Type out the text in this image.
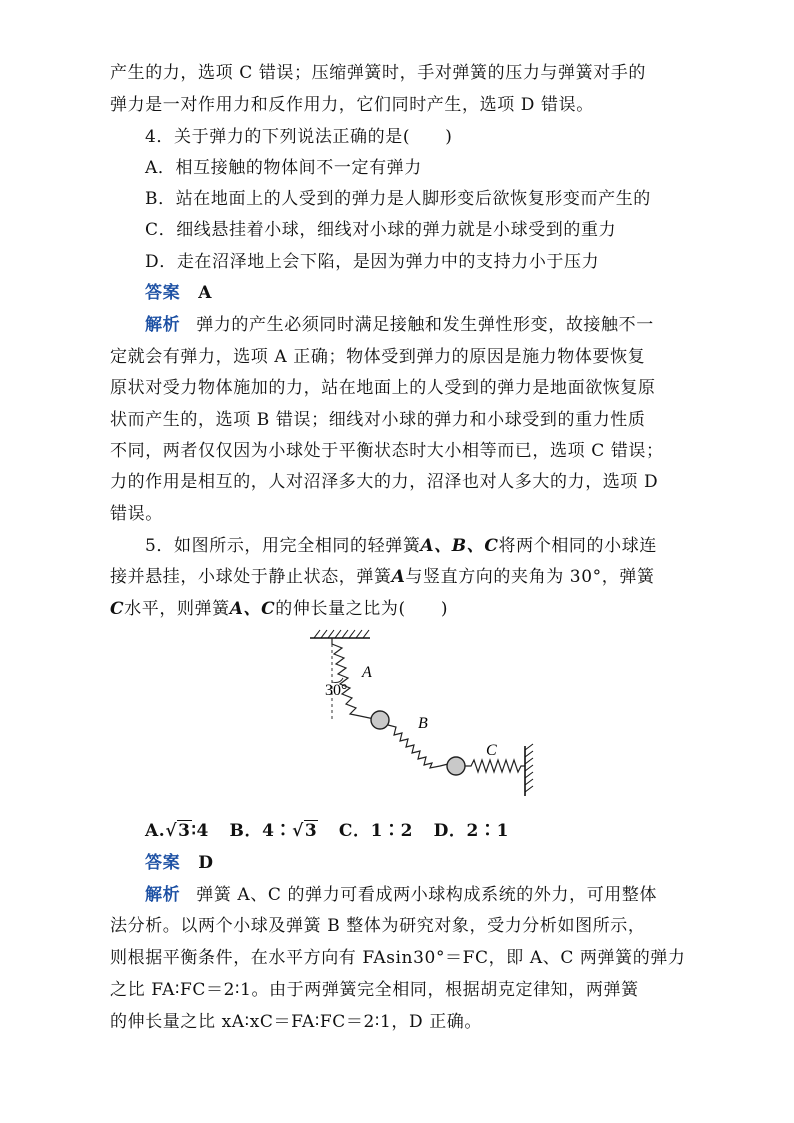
产生的力，选项 C 错误；压缩弹簧时，手对弹簧的压力与弹簧对手的
弹力是一对作用力和反作用力，它们同时产生，选项 D 错误。
4．关于弹力的下列说法正确的是(　　)
A．相互接触的物体间不一定有弹力
B．站在地面上的人受到的弹力是人脚形变后欲恢复形变而产生的
C．细线悬挂着小球，细线对小球的弹力就是小球受到的重力
D．走在沼泽地上会下陷，是因为弹力中的支持力小于压力
答案 A
解析 弹力的产生必须同时满足接触和发生弹性形变，故接触不一
定就会有弹力，选项 A 正确；物体受到弹力的原因是施力物体要恢复
原状对受力物体施加的力，站在地面上的人受到的弹力是地面欲恢复原
状而产生的，选项 B 错误；细线对小球的弹力和小球受到的重力性质
不同，两者仅仅因为小球处于平衡状态时大小相等而已，选项 C 错误；
力的作用是相互的，人对沼泽多大的力，沼泽也对人多大的力，选项 D
错误。
5．如图所示，用完全相同的轻弹簧A、B、C将两个相同的小球连
接并悬挂，小球处于静止状态，弹簧A与竖直方向的夹角为 30°，弹簧
C水平，则弹簧A、C的伸长量之比为(　　)
A
30°
B
C
A.√3∶4 B．4∶√3 C．1∶2 D．2∶1
答案 D
解析 弹簧 A、C 的弹力可看成两小球构成系统的外力，可用整体
法分析。以两个小球及弹簧 B 整体为研究对象，受力分析如图所示，
则根据平衡条件，在水平方向有 FAsin30°＝FC，即 A、C 两弹簧的弹力
之比 FA∶FC＝2∶1。由于两弹簧完全相同，根据胡克定律知，两弹簧
的伸长量之比 xA∶xC＝FA∶FC＝2∶1，D 正确。
